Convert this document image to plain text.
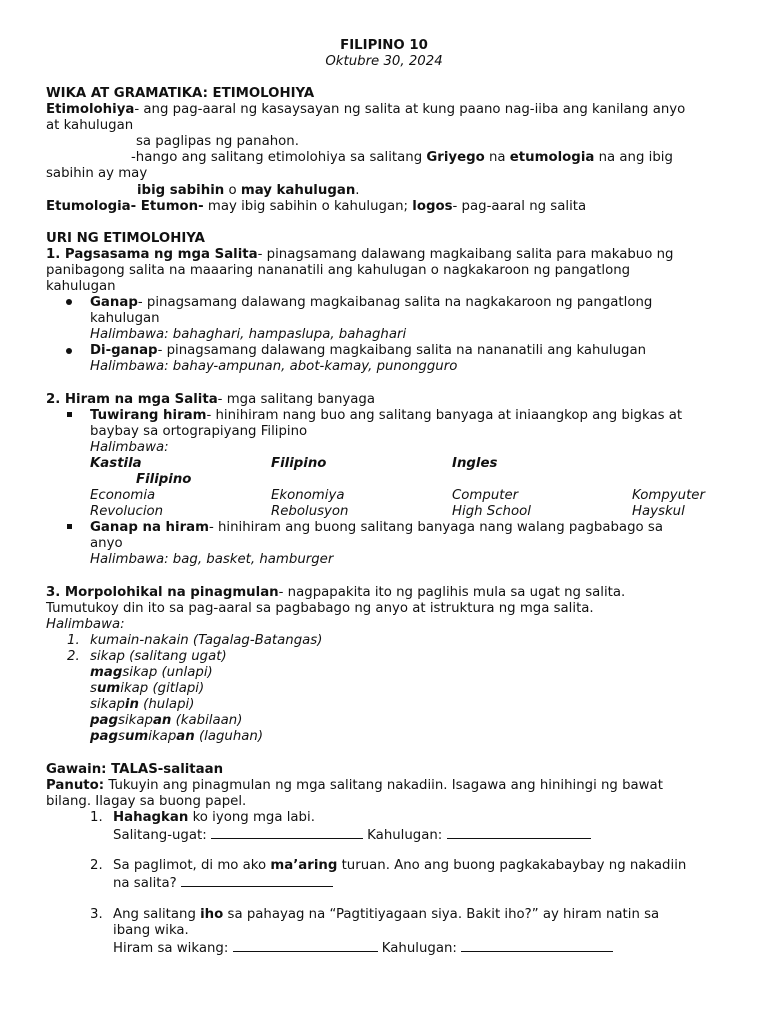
FILIPINO 10
Oktubre 30, 2024
WIKA AT GRAMATIKA: ETIMOLOHIYA
Etimolohiya- ang pag-aaral ng kasaysayan ng salita at kung paano nag-iiba ang kanilang anyo
at kahulugan
sa paglipas ng panahon.
-hango ang salitang etimolohiya sa salitang Griyego na etumologia na ang ibig
sabihin ay may
ibig sabihin o may kahulugan.
Etumologia- Etumon- may ibig sabihin o kahulugan; logos- pag-aaral ng salita
URI NG ETIMOLOHIYA
1. Pagsasama ng mga Salita- pinagsamang dalawang magkaibang salita para makabuo ng
panibagong salita na maaaring nananatili ang kahulugan o nagkakaroon ng pangatlong
kahulugan
Ganap- pinagsamang dalawang magkaibanag salita na nagkakaroon ng pangatlong
kahulugan
Halimbawa: bahaghari, hampaslupa, bahaghari
Di-ganap- pinagsamang dalawang magkaibang salita na nananatili ang kahulugan
Halimbawa: bahay-ampunan, abot-kamay, punongguro
2. Hiram na mga Salita- mga salitang banyaga
Tuwirang hiram- hinihiram nang buo ang salitang banyaga at iniaangkop ang bigkas at
baybay sa ortograpiyang Filipino
Halimbawa:
Kastila	Filipino	Ingles
Filipino
Economia	Ekonomiya	Computer	Kompyuter
Revolucion	Rebolusyon	High School	Hayskul
Ganap na hiram- hinihiram ang buong salitang banyaga nang walang pagbabago sa
anyo
Halimbawa: bag, basket, hamburger
3. Morpolohikal na pinagmulan- nagpapakita ito ng paglihis mula sa ugat ng salita.
Tumutukoy din ito sa pag-aaral sa pagbabago ng anyo at istruktura ng mga salita.
Halimbawa:
1. kumain-nakain (Tagalag-Batangas)
2. sikap (salitang ugat)
magsikap (unlapi)
sumikap (gitlapi)
sikapin (hulapi)
pagsikapan (kabilaan)
pagsumikapan (laguhan)
Gawain: TALAS-salitaan
Panuto: Tukuyin ang pinagmulan ng mga salitang nakadiin. Isagawa ang hinihingi ng bawat
bilang. Ilagay sa buong papel.
1. Hahagkan ko iyong mga labi.
Salitang-ugat:	Kahulugan:
2. Sa paglimot, di mo ako ma’aring turuan. Ano ang buong pagkakabaybay ng nakadiin
na salita?
3. Ang salitang iho sa pahayag na “Pagtitiyagaan siya. Bakit iho?” ay hiram natin sa
ibang wika.
Hiram sa wikang:	Kahulugan:
